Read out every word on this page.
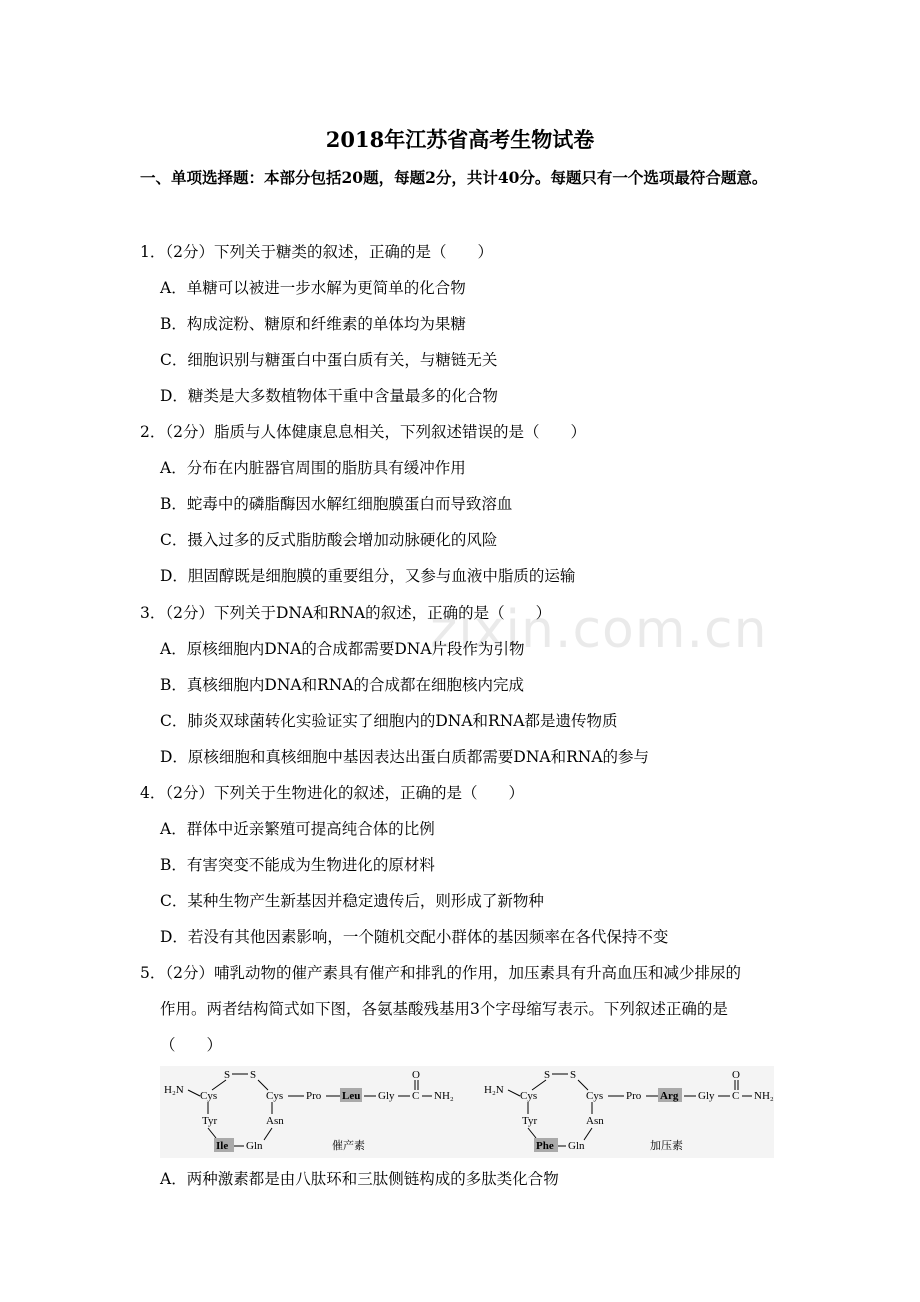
2018年江苏省高考生物试卷
一、单项选择题：本部分包括20题，每题2分，共计40分。每题只有一个选项最符合题意。
1．（2分）下列关于糖类的叙述，正确的是（　　）
A．单糖可以被进一步水解为更简单的化合物
B．构成淀粉、糖原和纤维素的单体均为果糖
C．细胞识别与糖蛋白中蛋白质有关，与糖链无关
D．糖类是大多数植物体干重中含量最多的化合物
2．（2分）脂质与人体健康息息相关，下列叙述错误的是（　　）
A．分布在内脏器官周围的脂肪具有缓冲作用
B．蛇毒中的磷脂酶因水解红细胞膜蛋白而导致溶血
C．摄入过多的反式脂肪酸会增加动脉硬化的风险
D．胆固醇既是细胞膜的重要组分，又参与血液中脂质的运输
3．（2分）下列关于DNA和RNA的叙述，正确的是（　　）
A．原核细胞内DNA的合成都需要DNA片段作为引物
B．真核细胞内DNA和RNA的合成都在细胞核内完成
C．肺炎双球菌转化实验证实了细胞内的DNA和RNA都是遗传物质
D．原核细胞和真核细胞中基因表达出蛋白质都需要DNA和RNA的参与
4．（2分）下列关于生物进化的叙述，正确的是（　　）
A．群体中近亲繁殖可提高纯合体的比例
B．有害突变不能成为生物进化的原材料
C．某种生物产生新基因并稳定遗传后，则形成了新物种
D．若没有其他因素影响，一个随机交配小群体的基因频率在各代保持不变
5．（2分）哺乳动物的催产素具有催产和排乳的作用，加压素具有升高血压和减少排尿的
作用。两者结构简式如下图，各氨基酸残基用3个字母缩写表示。下列叙述正确的是
（　　）
H₂N Cys
S S
Cys Pro Leu Gly C
O
NH₂
Tyr	Asn
Ile Gln	催产素
H₂N Cys
S S
Cys Pro Arg Gly C
O
NH₂
Tyr	Asn
Phe Gln	加压素
A．两种激素都是由八肽环和三肽侧链构成的多肽类化合物
zixin.com.cn
